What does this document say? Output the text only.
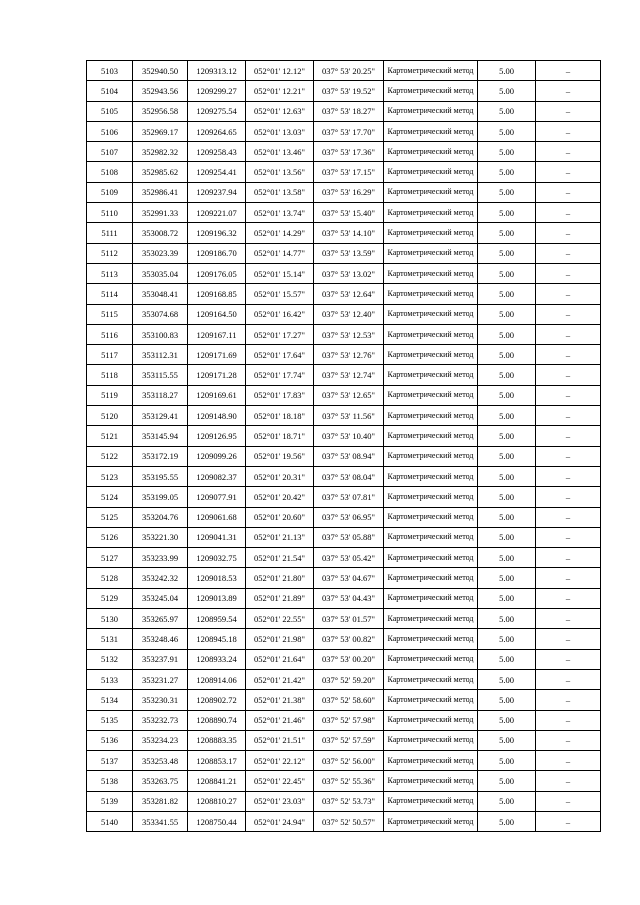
5103	352940.50	1209313.12	052°01' 12.12"	037° 53' 20.25"	Картометрический метод	5.00	–
5104	352943.56	1209299.27	052°01' 12.21"	037° 53' 19.52"	Картометрический метод	5.00	–
5105	352956.58	1209275.54	052°01' 12.63"	037° 53' 18.27"	Картометрический метод	5.00	–
5106	352969.17	1209264.65	052°01' 13.03"	037° 53' 17.70"	Картометрический метод	5.00	–
5107	352982.32	1209258.43	052°01' 13.46"	037° 53' 17.36"	Картометрический метод	5.00	–
5108	352985.62	1209254.41	052°01' 13.56"	037° 53' 17.15"	Картометрический метод	5.00	–
5109	352986.41	1209237.94	052°01' 13.58"	037° 53' 16.29"	Картометрический метод	5.00	–
5110	352991.33	1209221.07	052°01' 13.74"	037° 53' 15.40"	Картометрический метод	5.00	–
5111	353008.72	1209196.32	052°01' 14.29"	037° 53' 14.10"	Картометрический метод	5.00	–
5112	353023.39	1209186.70	052°01' 14.77"	037° 53' 13.59"	Картометрический метод	5.00	–
5113	353035.04	1209176.05	052°01' 15.14"	037° 53' 13.02"	Картометрический метод	5.00	–
5114	353048.41	1209168.85	052°01' 15.57"	037° 53' 12.64"	Картометрический метод	5.00	–
5115	353074.68	1209164.50	052°01' 16.42"	037° 53' 12.40"	Картометрический метод	5.00	–
5116	353100.83	1209167.11	052°01' 17.27"	037° 53' 12.53"	Картометрический метод	5.00	–
5117	353112.31	1209171.69	052°01' 17.64"	037° 53' 12.76"	Картометрический метод	5.00	–
5118	353115.55	1209171.28	052°01' 17.74"	037° 53' 12.74"	Картометрический метод	5.00	–
5119	353118.27	1209169.61	052°01' 17.83"	037° 53' 12.65"	Картометрический метод	5.00	–
5120	353129.41	1209148.90	052°01' 18.18"	037° 53' 11.56"	Картометрический метод	5.00	–
5121	353145.94	1209126.95	052°01' 18.71"	037° 53' 10.40"	Картометрический метод	5.00	–
5122	353172.19	1209099.26	052°01' 19.56"	037° 53' 08.94"	Картометрический метод	5.00	–
5123	353195.55	1209082.37	052°01' 20.31"	037° 53' 08.04"	Картометрический метод	5.00	–
5124	353199.05	1209077.91	052°01' 20.42"	037° 53' 07.81"	Картометрический метод	5.00	–
5125	353204.76	1209061.68	052°01' 20.60"	037° 53' 06.95"	Картометрический метод	5.00	–
5126	353221.30	1209041.31	052°01' 21.13"	037° 53' 05.88"	Картометрический метод	5.00	–
5127	353233.99	1209032.75	052°01' 21.54"	037° 53' 05.42"	Картометрический метод	5.00	–
5128	353242.32	1209018.53	052°01' 21.80"	037° 53' 04.67"	Картометрический метод	5.00	–
5129	353245.04	1209013.89	052°01' 21.89"	037° 53' 04.43"	Картометрический метод	5.00	–
5130	353265.97	1208959.54	052°01' 22.55"	037° 53' 01.57"	Картометрический метод	5.00	–
5131	353248.46	1208945.18	052°01' 21.98"	037° 53' 00.82"	Картометрический метод	5.00	–
5132	353237.91	1208933.24	052°01' 21.64"	037° 53' 00.20"	Картометрический метод	5.00	–
5133	353231.27	1208914.06	052°01' 21.42"	037° 52' 59.20"	Картометрический метод	5.00	–
5134	353230.31	1208902.72	052°01' 21.38"	037° 52' 58.60"	Картометрический метод	5.00	–
5135	353232.73	1208890.74	052°01' 21.46"	037° 52' 57.98"	Картометрический метод	5.00	–
5136	353234.23	1208883.35	052°01' 21.51"	037° 52' 57.59"	Картометрический метод	5.00	–
5137	353253.48	1208853.17	052°01' 22.12"	037° 52' 56.00"	Картометрический метод	5.00	–
5138	353263.75	1208841.21	052°01' 22.45"	037° 52' 55.36"	Картометрический метод	5.00	–
5139	353281.82	1208810.27	052°01' 23.03"	037° 52' 53.73"	Картометрический метод	5.00	–
5140	353341.55	1208750.44	052°01' 24.94"	037° 52' 50.57"	Картометрический метод	5.00	–
